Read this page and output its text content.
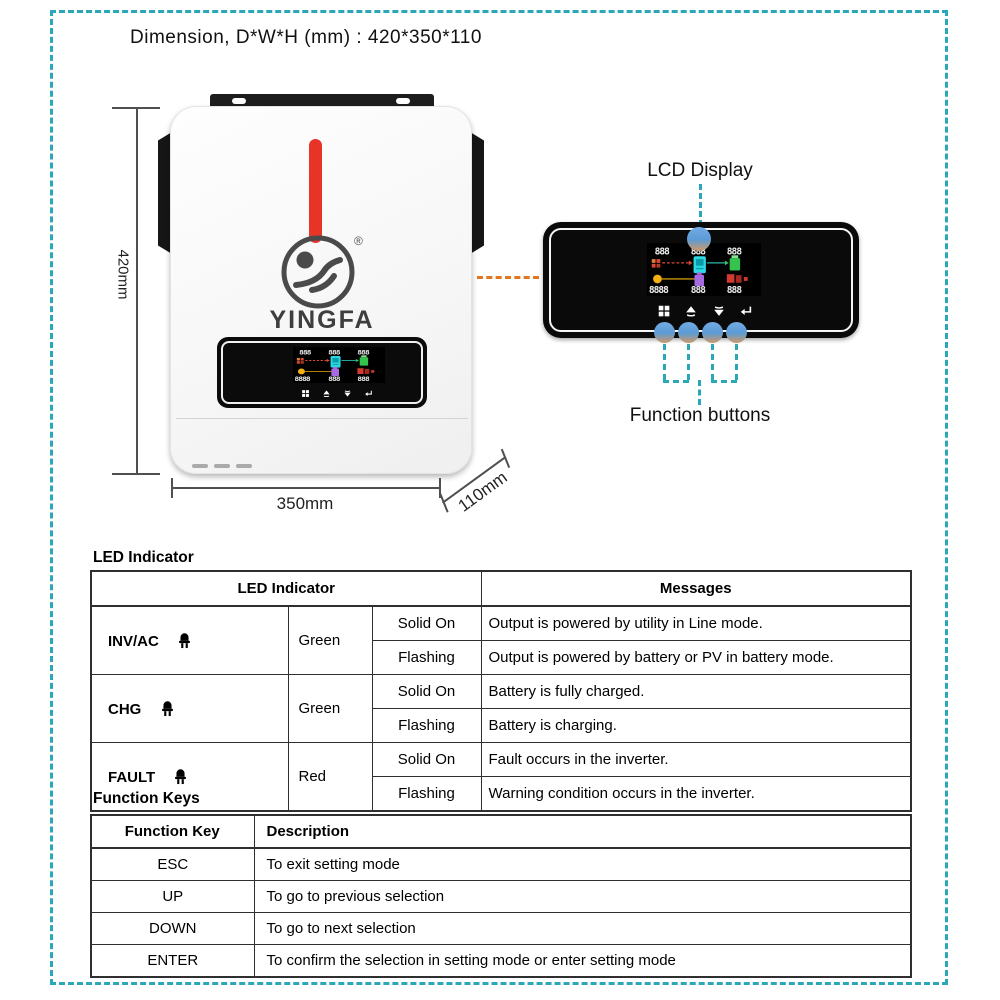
Dimension, D*W*H (mm) : 420*350*110
®
YINGFA
420mm
350mm	110mm
LCD Display
Function buttons
LED Indicator
LED Indicator			Messages
INV/AC	Green	Solid On	Output is powered by utility in Line mode.
		Flashing	Output is powered by battery or PV in battery mode.
CHG	Green	Solid On	Battery is fully charged.
		Flashing	Battery is charging.
FAULT	Red	Solid On	Fault occurs in the inverter.
		Flashing	Warning condition occurs in the inverter.
Function Keys
Function Key	Description
ESC	To exit setting mode
UP	To go to previous selection
DOWN	To go to next selection
ENTER	To confirm the selection in setting mode or enter setting mode
